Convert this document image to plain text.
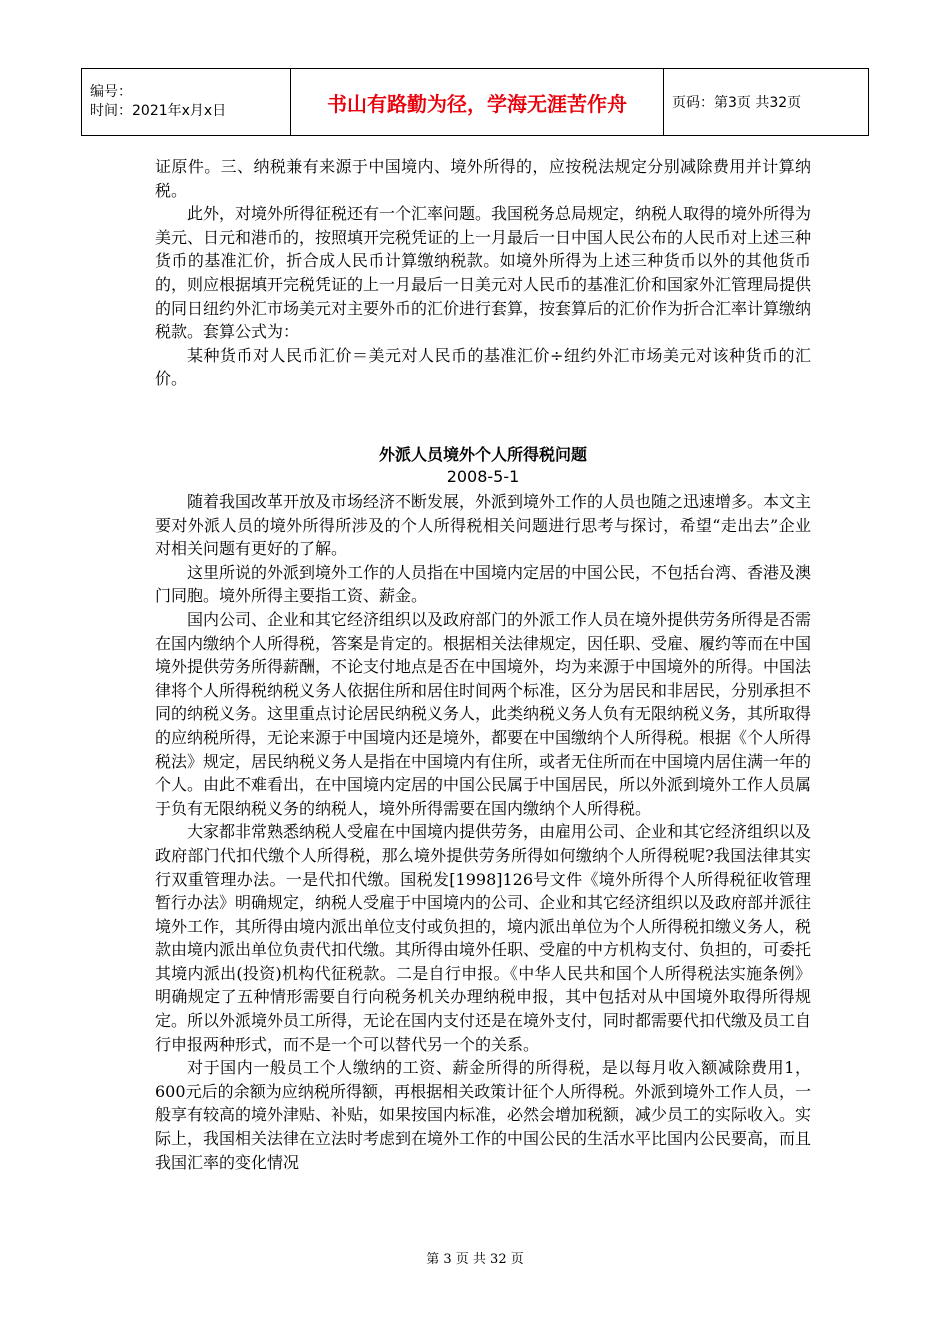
编号：
时间：2021年x月x日	书山有路勤为径，学海无涯苦作舟	页码：第3页 共32页

证原件。三、纳税兼有来源于中国境内、境外所得的，应按税法规定分别减除费用并计算纳税。

此外，对境外所得征税还有一个汇率问题。我国税务总局规定，纳税人取得的境外所得为美元、日元和港币的，按照填开完税凭证的上一月最后一日中国人民公布的人民币对上述三种货币的基准汇价，折合成人民币计算缴纳税款。如境外所得为上述三种货币以外的其他货币的，则应根据填开完税凭证的上一月最后一日美元对人民币的基准汇价和国家外汇管理局提供的同日纽约外汇市场美元对主要外币的汇价进行套算，按套算后的汇价作为折合汇率计算缴纳税款。套算公式为：

某种货币对人民币汇价＝美元对人民币的基准汇价÷纽约外汇市场美元对该种货币的汇价。

外派人员境外个人所得税问题
2008-5-1

随着我国改革开放及市场经济不断发展，外派到境外工作的人员也随之迅速增多。本文主要对外派人员的境外所得所涉及的个人所得税相关问题进行思考与探讨，希望“走出去”企业对相关问题有更好的了解。

这里所说的外派到境外工作的人员指在中国境内定居的中国公民，不包括台湾、香港及澳门同胞。境外所得主要指工资、薪金。

国内公司、企业和其它经济组织以及政府部门的外派工作人员在境外提供劳务所得是否需在国内缴纳个人所得税，答案是肯定的。根据相关法律规定，因任职、受雇、履约等而在中国境外提供劳务所得薪酬，不论支付地点是否在中国境外，均为来源于中国境外的所得。中国法律将个人所得税纳税义务人依据住所和居住时间两个标准，区分为居民和非居民，分别承担不同的纳税义务。这里重点讨论居民纳税义务人，此类纳税义务人负有无限纳税义务，其所取得的应纳税所得，无论来源于中国境内还是境外，都要在中国缴纳个人所得税。根据《个人所得税法》规定，居民纳税义务人是指在中国境内有住所，或者无住所而在中国境内居住满一年的个人。由此不难看出，在中国境内定居的中国公民属于中国居民，所以外派到境外工作人员属于负有无限纳税义务的纳税人，境外所得需要在国内缴纳个人所得税。

大家都非常熟悉纳税人受雇在中国境内提供劳务，由雇用公司、企业和其它经济组织以及政府部门代扣代缴个人所得税，那么境外提供劳务所得如何缴纳个人所得税呢?我国法律其实行双重管理办法。一是代扣代缴。国税发[1998]126号文件《境外所得个人所得税征收管理暂行办法》明确规定，纳税人受雇于中国境内的公司、企业和其它经济组织以及政府部并派往境外工作，其所得由境内派出单位支付或负担的，境内派出单位为个人所得税扣缴义务人，税款由境内派出单位负责代扣代缴。其所得由境外任职、受雇的中方机构支付、负担的，可委托其境内派出(投资)机构代征税款。二是自行申报。《中华人民共和国个人所得税法实施条例》明确规定了五种情形需要自行向税务机关办理纳税申报，其中包括对从中国境外取得所得规定。所以外派境外员工所得，无论在国内支付还是在境外支付，同时都需要代扣代缴及员工自行申报两种形式，而不是一个可以替代另一个的关系。

对于国内一般员工个人缴纳的工资、薪金所得的所得税，是以每月收入额减除费用1，600元后的余额为应纳税所得额，再根据相关政策计征个人所得税。外派到境外工作人员，一般享有较高的境外津贴、补贴，如果按国内标准，必然会增加税额，减少员工的实际收入。实际上，我国相关法律在立法时考虑到在境外工作的中国公民的生活水平比国内公民要高，而且我国汇率的变化情况

第 3 页 共 32 页
